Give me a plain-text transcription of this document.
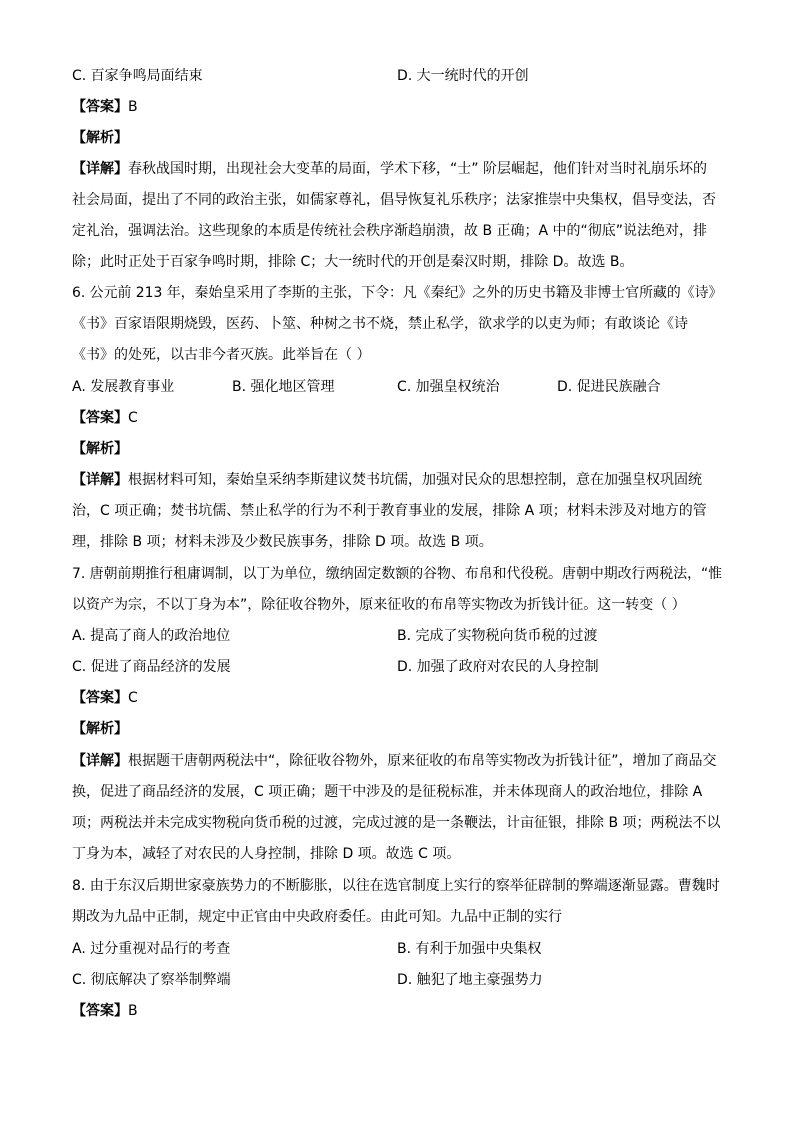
C. 百家争鸣局面结束	D. 大一统时代的开创
【答案】B
【解析】
【详解】春秋战国时期，出现社会大变革的局面，学术下移，“士” 阶层崛起，他们针对当时礼崩乐坏的
社会局面，提出了不同的政治主张，如儒家尊礼，倡导恢复礼乐秩序；法家推崇中央集权，倡导变法，否
定礼治，强调法治。这些现象的本质是传统社会秩序渐趋崩溃，故 B 正确；A 中的“彻底”说法绝对，排
除；此时正处于百家争鸣时期，排除 C；大一统时代的开创是秦汉时期，排除 D。故选 B。
6. 公元前 213 年，秦始皇采用了李斯的主张，下令：凡《秦纪》之外的历史书籍及非博士官所藏的《诗》
《书》百家语限期烧毁，医药、卜筮、种树之书不烧，禁止私学，欲求学的以吏为师；有敢谈论《诗
《书》的处死，以古非今者灭族。此举旨在（ ）
A. 发展教育事业	B. 强化地区管理	C. 加强皇权统治	D. 促进民族融合
【答案】C
【解析】
【详解】根据材料可知，秦始皇采纳李斯建议焚书坑儒，加强对民众的思想控制，意在加强皇权巩固统
治，C 项正确；焚书坑儒、禁止私学的行为不利于教育事业的发展，排除 A 项；材料未涉及对地方的管
理，排除 B 项；材料未涉及少数民族事务，排除 D 项。故选 B 项。
7. 唐朝前期推行租庸调制，以丁为单位，缴纳固定数额的谷物、布帛和代役税。唐朝中期改行两税法，“惟
以资产为宗，不以丁身为本”，除征收谷物外，原来征收的布帛等实物改为折钱计征。这一转变（ ）
A. 提高了商人的政治地位	B. 完成了实物税向货币税的过渡
C. 促进了商品经济的发展	D. 加强了政府对农民的人身控制
【答案】C
【解析】
【详解】根据题干唐朝两税法中“，除征收谷物外，原来征收的布帛等实物改为折钱计征”，增加了商品交
换，促进了商品经济的发展，C 项正确；题干中涉及的是征税标准，并未体现商人的政治地位，排除 A
项；两税法并未完成实物税向货币税的过渡，完成过渡的是一条鞭法，计亩征银，排除 B 项；两税法不以
丁身为本，减轻了对农民的人身控制，排除 D 项。故选 C 项。
8. 由于东汉后期世家豪族势力的不断膨胀，以往在选官制度上实行的察举征辟制的弊端逐渐显露。曹魏时
期改为九品中正制，规定中正官由中央政府委任。由此可知。九品中正制的实行
A. 过分重视对品行的考查	B. 有利于加强中央集权
C. 彻底解决了察举制弊端	D. 触犯了地主豪强势力
【答案】B
